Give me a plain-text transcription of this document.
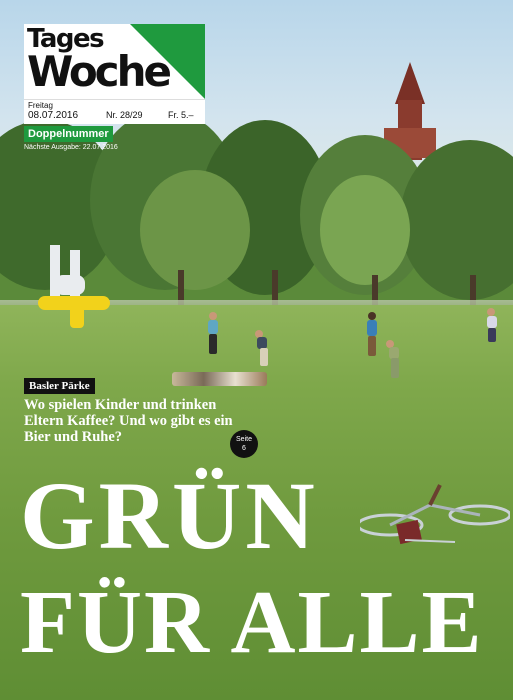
Tages
Woche
Freitag
08.07.2016	Nr. 28/29	Fr. 5.–
Doppelnummer
Nächste Ausgabe: 22.07.2016
Basler Pärke

Wo spielen Kinder und trinken Eltern Kaffee? Und wo gibt es ein Bier und Ruhe?	Seite
6
GRÜN
FÜR ALLE
